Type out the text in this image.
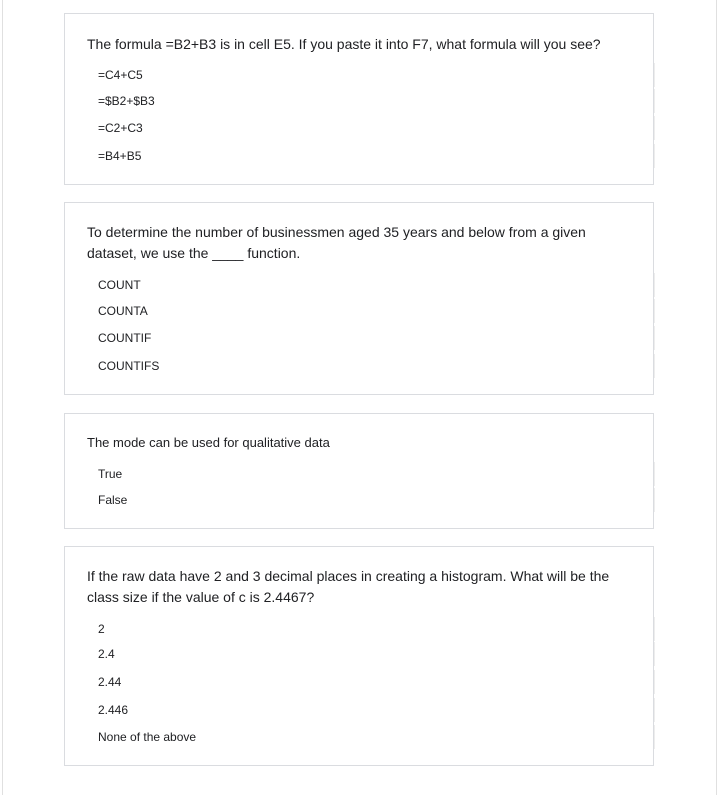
The formula =B2+B3 is in cell E5. If you paste it into F7, what formula will you see?
=C4+C5
=$B2+$B3
=C2+C3
=B4+B5
To determine the number of businessmen aged 35 years and below from a given dataset, we use the ____ function.
COUNT
COUNTA
COUNTIF
COUNTIFS
The mode can be used for qualitative data
True
False
If the raw data have 2 and 3 decimal places in creating a histogram. What will be the class size if the value of c is 2.4467?
2
2.4
2.44
2.446
None of the above
